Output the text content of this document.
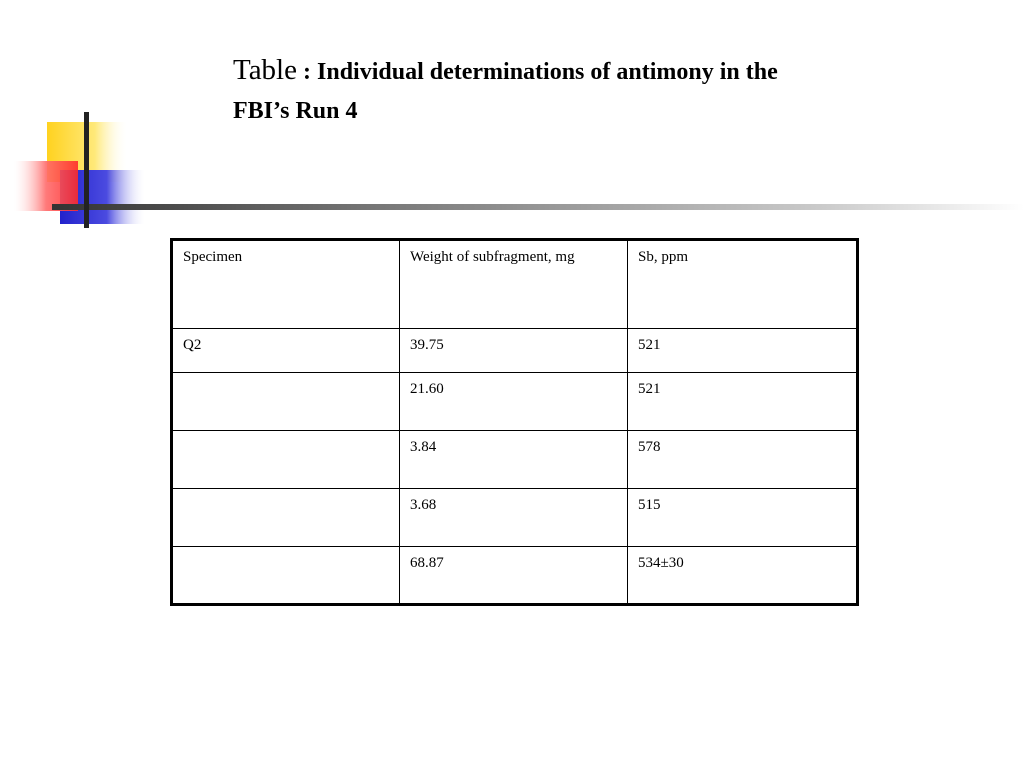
Table : Individual determinations of antimony in the
FBI’s Run 4
Specimen	Weight of subfragment, mg	Sb, ppm
Q2	39.75	521
	21.60	521
	3.84	578
	3.68	515
	68.87	534±30
